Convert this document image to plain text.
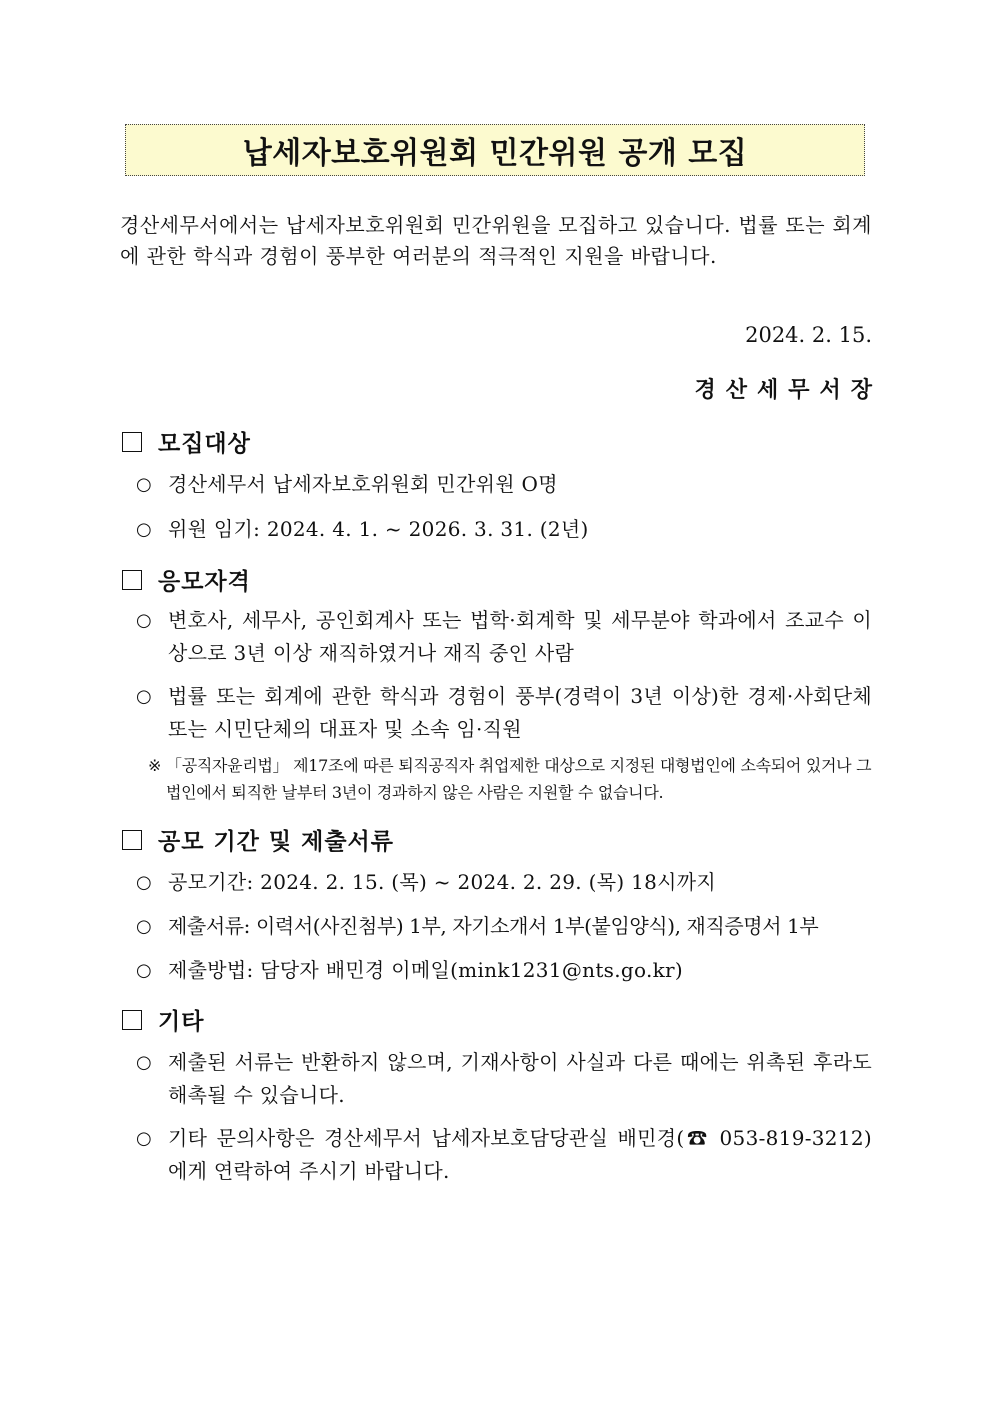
납세자보호위원회 민간위원 공개 모집
경산세무서에서는 납세자보호위원회 민간위원을 모집하고 있습니다. 법률 또는 회계에 관한 학식과 경험이 풍부한 여러분의 적극적인 지원을 바랍니다.
2024. 2. 15.
경산세무서장
모집대상
○ 경산세무서 납세자보호위원회 민간위원 O명
○ 위원 임기: 2024. 4. 1. ~ 2026. 3. 31. (2년)
응모자격
○ 변호사, 세무사, 공인회계사 또는 법학·회계학 및 세무분야 학과에서 조교수 이상으로 3년 이상 재직하였거나 재직 중인 사람
○ 법률 또는 회계에 관한 학식과 경험이 풍부(경력이 3년 이상)한 경제·사회단체 또는 시민단체의 대표자 및 소속 임·직원
※ 「공직자윤리법」 제17조에 따른 퇴직공직자 취업제한 대상으로 지정된 대형법인에 소속되어 있거나 그 법인에서 퇴직한 날부터 3년이 경과하지 않은 사람은 지원할 수 없습니다.
공모 기간 및 제출서류
○ 공모기간: 2024. 2. 15. (목) ~ 2024. 2. 29. (목) 18시까지
○ 제출서류: 이력서(사진첨부) 1부, 자기소개서 1부(붙임양식), 재직증명서 1부
○ 제출방법: 담당자 배민경 이메일(mink1231@nts.go.kr)
기타
○ 제출된 서류는 반환하지 않으며, 기재사항이 사실과 다른 때에는 위촉된 후라도 해촉될 수 있습니다.
○ 기타 문의사항은 경산세무서 납세자보호담당관실 배민경(☎ 053-819-3212)에게 연락하여 주시기 바랍니다.
